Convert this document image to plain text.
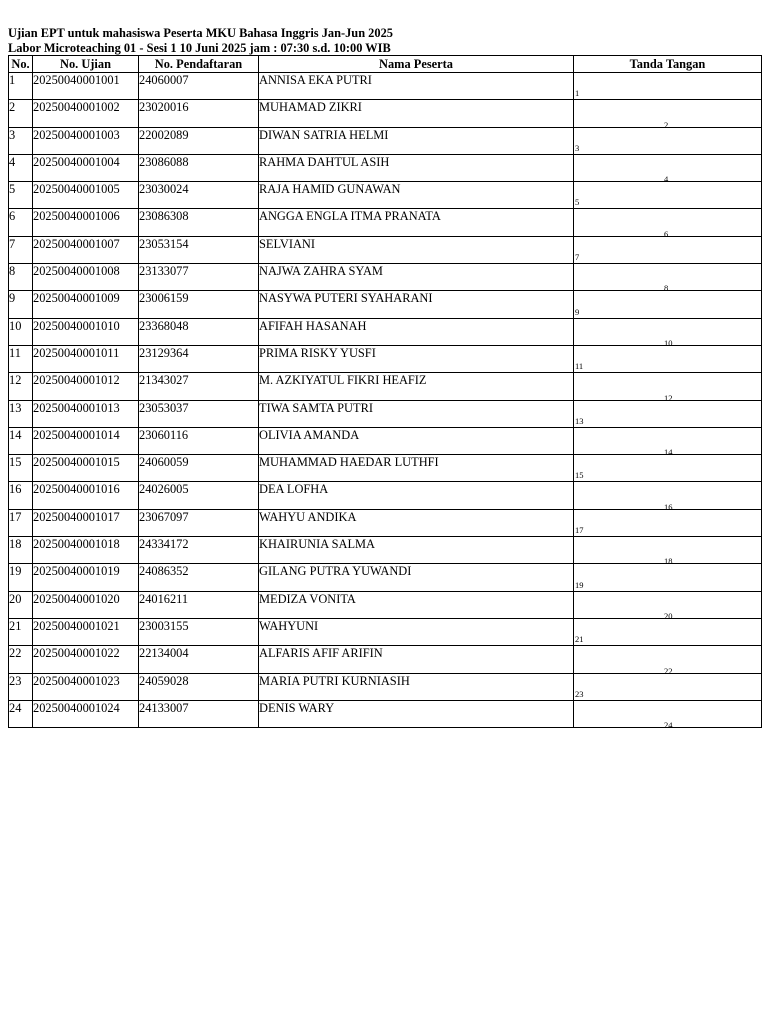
Ujian EPT untuk mahasiswa Peserta MKU Bahasa Inggris Jan-Jun 2025
Labor Microteaching 01 - Sesi 1 10 Juni 2025 jam : 07:30 s.d. 10:00 WIB
No.	No. Ujian	No. Pendaftaran	Nama Peserta	Tanda Tangan
1	20250040001001	24060007	ANNISA EKA PUTRI	1

2	20250040001002	23020016	MUHAMAD ZIKRI	2

3	20250040001003	22002089	DIWAN SATRIA HELMI	3

4	20250040001004	23086088	RAHMA DAHTUL ASIH	4

5	20250040001005	23030024	RAJA HAMID GUNAWAN	5

6	20250040001006	23086308	ANGGA ENGLA ITMA PRANATA	6

7	20250040001007	23053154	SELVIANI	7

8	20250040001008	23133077	NAJWA ZAHRA SYAM	8

9	20250040001009	23006159	NASYWA PUTERI SYAHARANI	9

10	20250040001010	23368048	AFIFAH HASANAH	10

11	20250040001011	23129364	PRIMA RISKY YUSFI	11

12	20250040001012	21343027	M. AZKIYATUL FIKRI HEAFIZ	12

13	20250040001013	23053037	TIWA SAMTA PUTRI	13

14	20250040001014	23060116	OLIVIA AMANDA	14

15	20250040001015	24060059	MUHAMMAD HAEDAR LUTHFI	15

16	20250040001016	24026005	DEA LOFHA	16

17	20250040001017	23067097	WAHYU ANDIKA	17

18	20250040001018	24334172	KHAIRUNIA SALMA	18

19	20250040001019	24086352	GILANG PUTRA YUWANDI	19

20	20250040001020	24016211	MEDIZA VONITA	20

21	20250040001021	23003155	WAHYUNI	21

22	20250040001022	22134004	ALFARIS AFIF ARIFIN	22

23	20250040001023	24059028	MARIA PUTRI KURNIASIH	23

24	20250040001024	24133007	DENIS WARY	24
